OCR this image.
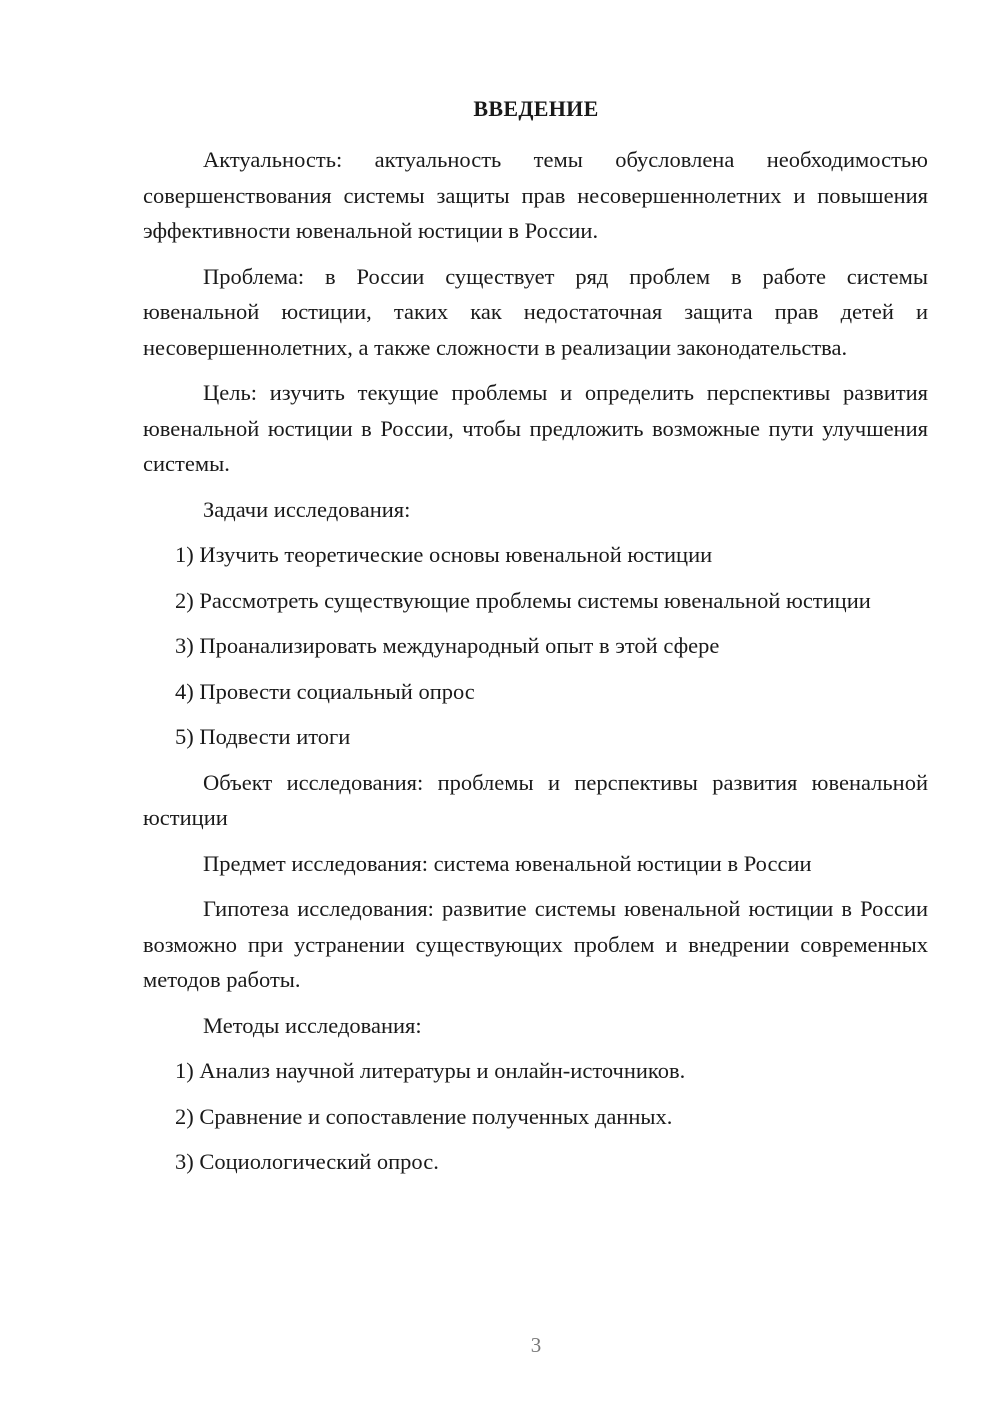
ВВЕДЕНИЕ

Актуальность: актуальность темы обусловлена необходимостью совершенствования системы защиты прав несовершеннолетних и повышения эффективности ювенальной юстиции в России.

Проблема: в России существует ряд проблем в работе системы ювенальной юстиции, таких как недостаточная защита прав детей и несовершеннолетних, а также сложности в реализации законодательства.

Цель: изучить текущие проблемы и определить перспективы развития ювенальной юстиции в России, чтобы предложить возможные пути улучшения системы.

Задачи исследования:

1) Изучить теоретические основы ювенальной юстиции

2) Рассмотреть существующие проблемы системы ювенальной юстиции

3) Проанализировать международный опыт в этой сфере

4) Провести социальный опрос

5) Подвести итоги

Объект исследования: проблемы и перспективы развития ювенальной юстиции

Предмет исследования: система ювенальной юстиции в России

Гипотеза исследования: развитие системы ювенальной юстиции в России возможно при устранении существующих проблем и внедрении современных методов работы.

Методы исследования:

1) Анализ научной литературы и онлайн-источников.

2) Сравнение и сопоставление полученных данных.

3) Социологический опрос.

3
